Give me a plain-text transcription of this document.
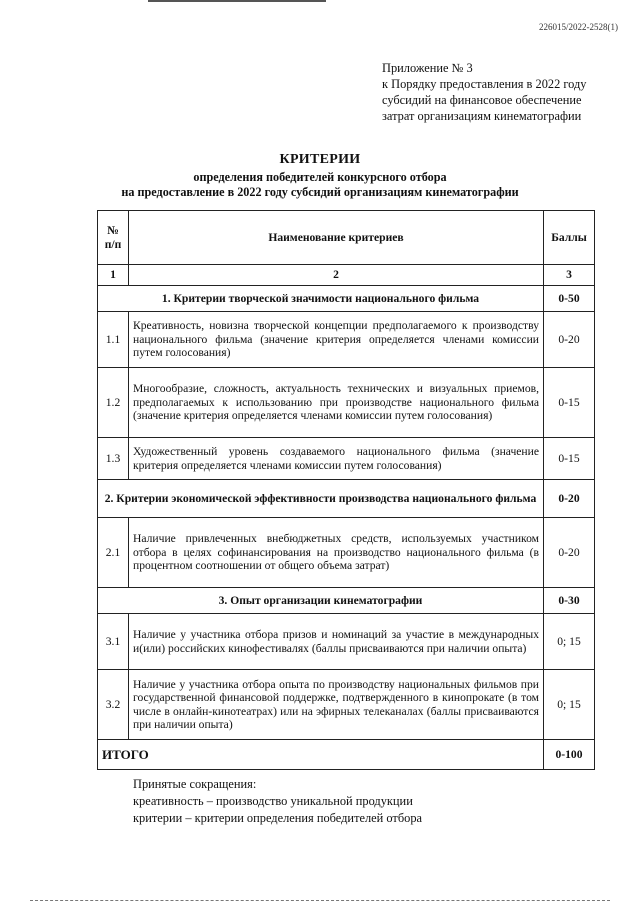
226015/2022-2528(1)
Приложение № 3
к Порядку предоставления в 2022 году
субсидий на финансовое обеспечение
затрат организациям кинематографии
КРИТЕРИИ
определения победителей конкурсного отбора
на предоставление в 2022 году субсидий организациям кинематографии
№ п/п	Наименование критериев	Баллы
1	2	3
1. Критерии творческой значимости национального фильма		0-50
1.1	Креативность, новизна творческой концепции предполагаемого к производству национального фильма (значение критерия определяется членами комиссии путем голосования)	0-20
1.2	Многообразие, сложность, актуальность технических и визуальных приемов, предполагаемых к использованию при производстве национального фильма (значение критерия определяется членами комиссии путем голосования)	0-15
1.3	Художественный уровень создаваемого национального фильма (значение критерия определяется членами комиссии путем голосования)	0-15
2. Критерии экономической эффективности производства национального фильма		0-20
2.1	Наличие привлеченных внебюджетных средств, используемых участником отбора в целях софинансирования на производство национального фильма (в процентном соотношении от общего объема затрат)	0-20
3. Опыт организации кинематографии		0-30
3.1	Наличие у участника отбора призов и номинаций за участие в международных и(или) российских кинофестивалях (баллы присваиваются при наличии опыта)	0; 15
3.2	Наличие у участника отбора опыта по производству национальных фильмов при государственной финансовой поддержке, подтвержденного в кинопрокате (в том числе в онлайн-кинотеатрах) или на эфирных телеканалах (баллы присваиваются при наличии опыта)	0; 15
ИТОГО		0-100
Принятые сокращения:
креативность – производство уникальной продукции
критерии – критерии определения победителей отбора
